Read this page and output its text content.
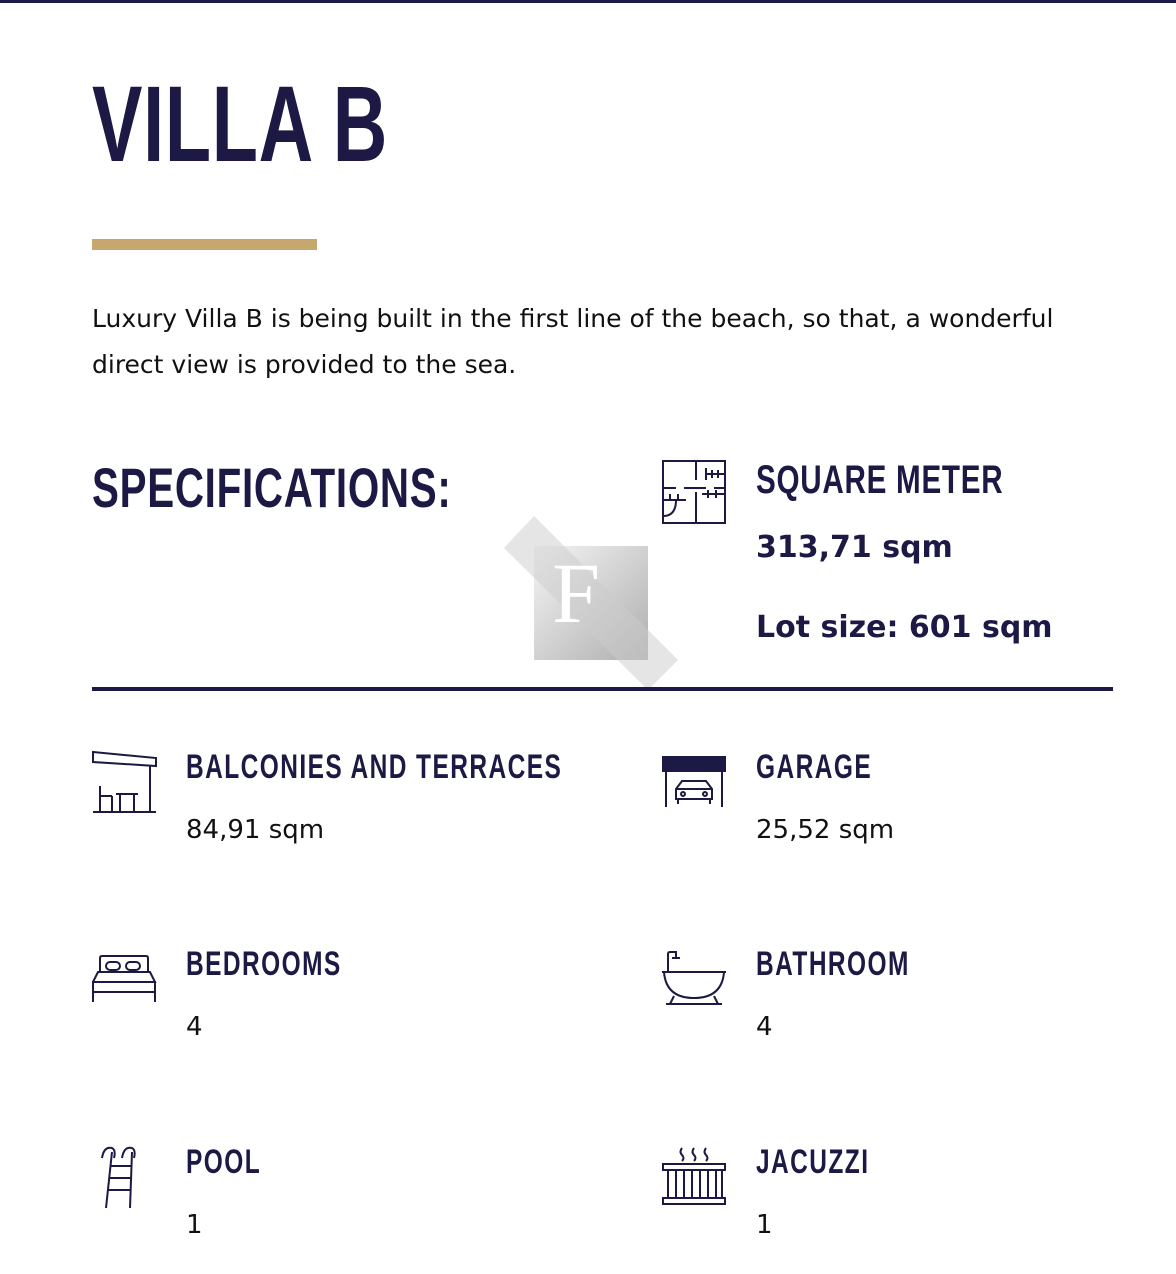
VILLA B

Luxury Villa B is being built in the first line of the beach, so that, a wonderful direct view is provided to the sea.

SPECIFICATIONS:
F
SQUARE METER
313,71 sqm
Lot size: 601 sqm
BALCONIES AND TERRACES
84,91 sqm
GARAGE
25,52 sqm
BEDROOMS
4
BATHROOM
4
POOL
1
JACUZZI
1
